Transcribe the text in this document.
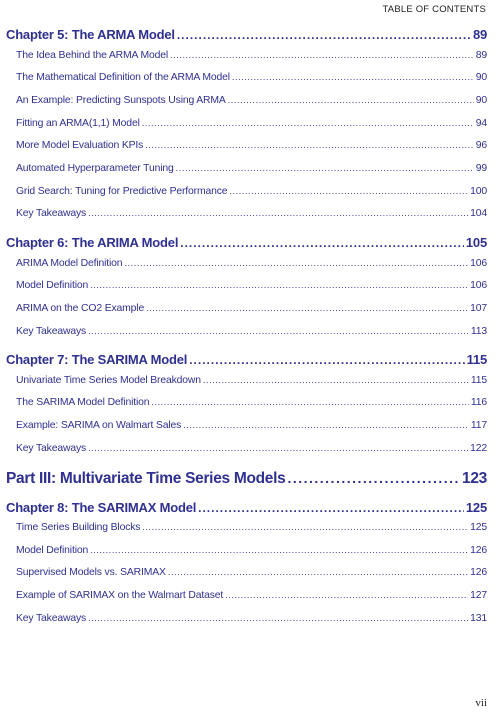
TABLE OF CONTENTS
Chapter 5: The ARMA Model .....	89
The Idea Behind the ARMA Model .....	89
The Mathematical Definition of the ARMA Model .....	90
An Example: Predicting Sunspots Using ARMA .....	90
Fitting an ARMA(1,1) Model .....	94
More Model Evaluation KPIs .....	96
Automated Hyperparameter Tuning .....	99
Grid Search: Tuning for Predictive Performance .....	100
Key Takeaways .....	104
Chapter 6: The ARIMA Model .....	105
ARIMA Model Definition .....	106
Model Definition .....	106
ARIMA on the CO2 Example .....	107
Key Takeaways .....	113
Chapter 7: The SARIMA Model .....	115
Univariate Time Series Model Breakdown .....	115
The SARIMA Model Definition .....	116
Example: SARIMA on Walmart Sales .....	117
Key Takeaways .....	122
Part III: Multivariate Time Series Models .....	123
Chapter 8: The SARIMAX Model .....	125
Time Series Building Blocks .....	125
Model Definition .....	126
Supervised Models vs. SARIMAX .....	126
Example of SARIMAX on the Walmart Dataset .....	127
Key Takeaways .....	131
vii
